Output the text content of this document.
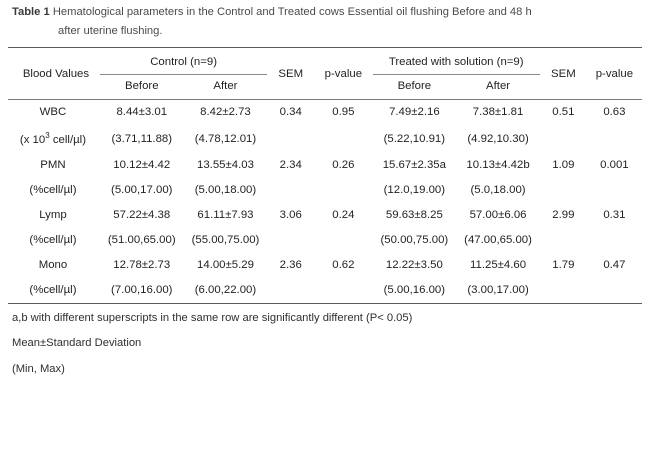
Table 1 Hematological parameters in the Control and Treated cows Essential oil flushing Before and 48 h
after uterine flushing.

Blood Values	Control (n=9)		SEM	p-value	Treated with solution (n=9)		SEM	p-value
	Before	After			Before	After		

WBC	8.44±3.01	8.42±2.73	0.34	0.95	7.49±2.16	7.38±1.81	0.51	0.63
(x $10^3$ cell/µl)	(3.71,11.88)	(4.78,12.01)			(5.22,10.91)	(4.92,10.30)		
PMN	10.12±4.42	13.55±4.03	2.34	0.26	15.67±2.35a	10.13±4.42b	1.09	0.001
(%cell/µl)	(5.00,17.00)	(5.00,18.00)			(12.0,19.00)	(5.0,18.00)		
Lymp	57.22±4.38	61.11±7.93	3.06	0.24	59.63±8.25	57.00±6.06	2.99	0.31
(%cell/µl)	(51.00,65.00)	(55.00,75.00)			(50.00,75.00)	(47.00,65.00)		
Mono	12.78±2.73	14.00±5.29	2.36	0.62	12.22±3.50	11.25±4.60	1.79	0.47
(%cell/µl)	(7.00,16.00)	(6.00,22.00)			(5.00,16.00)	(3.00,17.00)		

a,b with different superscripts in the same row are significantly different (P< 0.05)
Mean±Standard Deviation
(Min, Max)
